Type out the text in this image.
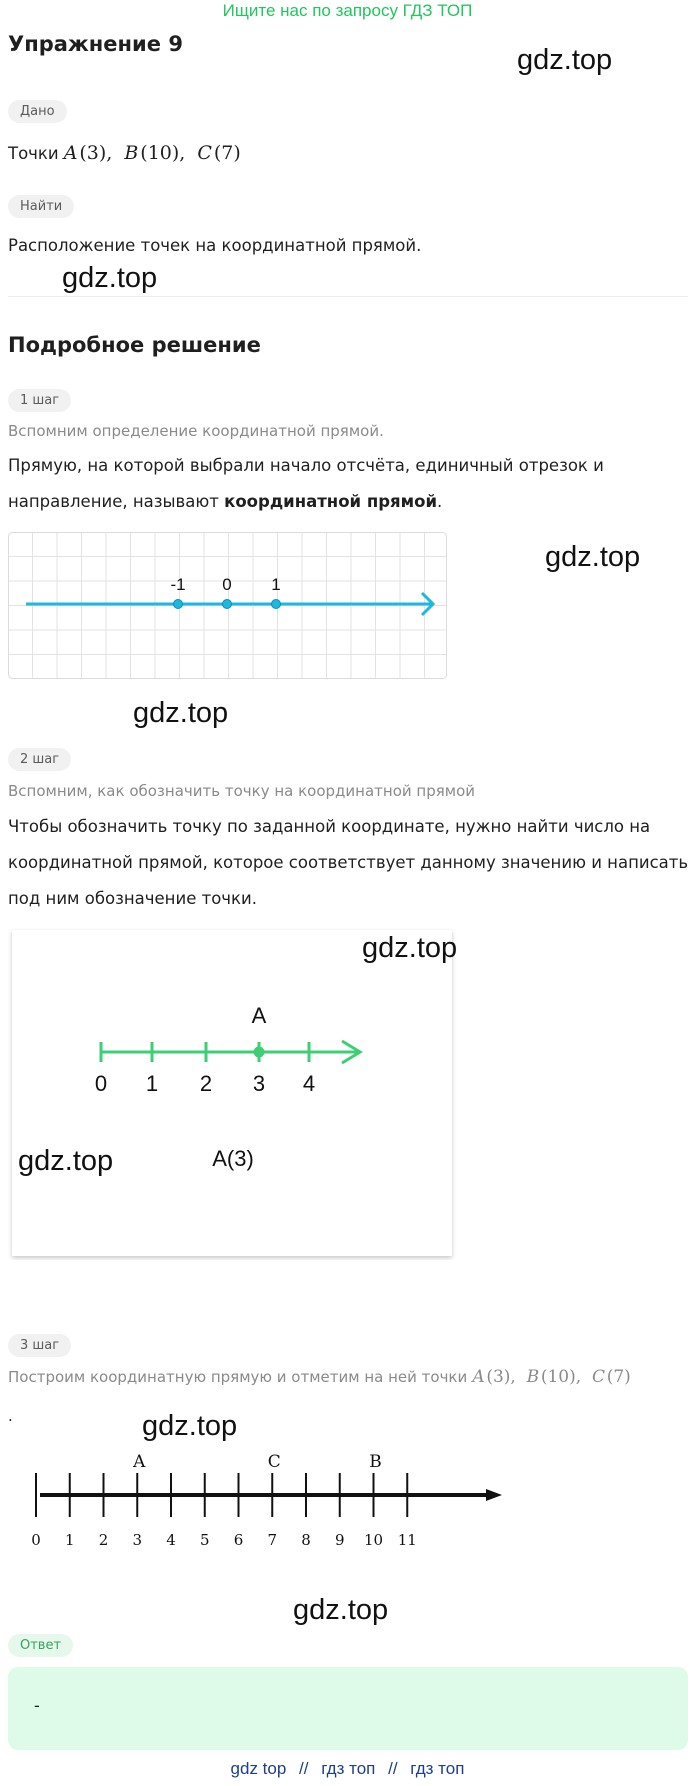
Ищите нас по запросу ГДЗ ТОП
Упражнение 9	gdz.top
Дано
Точки A  (3),  B  (10),  C  (7)
Найти
Расположение точек на координатной прямой.
gdz.top
Подробное решение
1 шаг
Вспомним определение координатной прямой.
Прямую, на которой выбрали начало отсчёта, единичный отрезок и
направление, называют координатной прямой.
-1 0 1
gdz.top
gdz.top
2 шаг
Вспомним, как обозначить точку на координатной прямой
Чтобы обозначить точку по заданной координате, нужно найти число на
координатной прямой, которое соответствует данному значению и написать
под ним обозначение точки.
A
0 1 2 3 4
A(3)
gdz.top
gdz.top
3 шаг
Построим координатную прямую и отметим на ней точки A  (3),  B  (10),  C  (7)
.	gdz.top
0 1 2 3 4 5 6 7 8 9 10 11
A	C	B
gdz.top
Ответ
-
gdz top // гдз топ // гдз топ
